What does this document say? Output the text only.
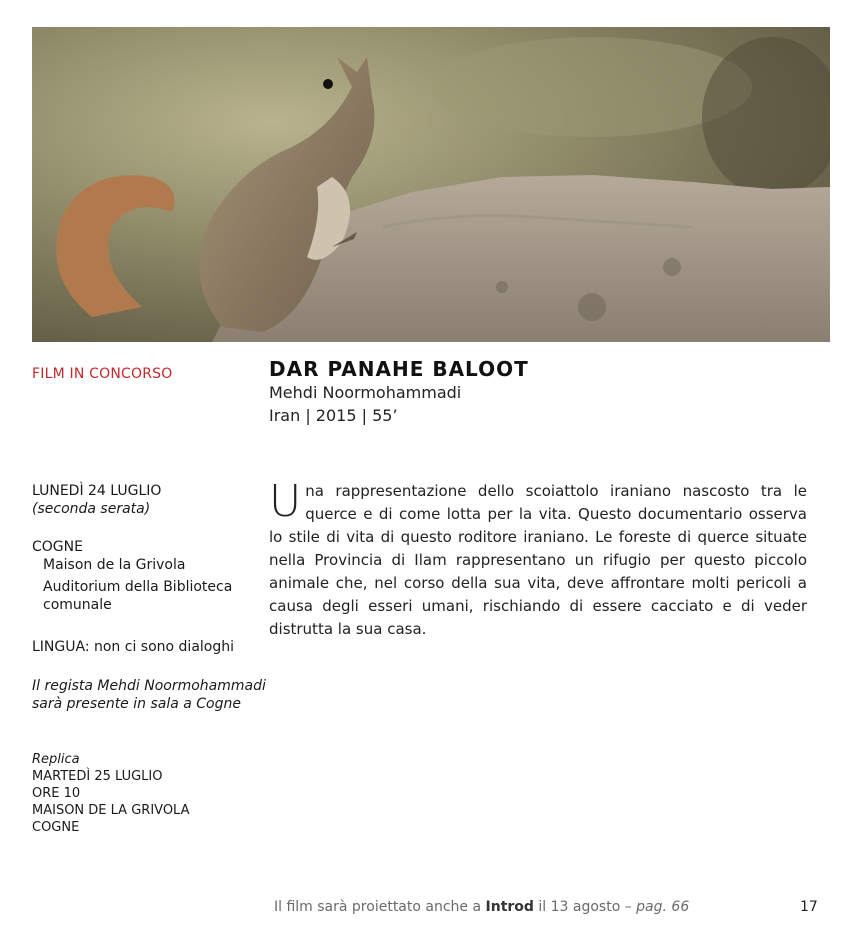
FILM IN CONCORSO	DAR PANAHE BALOOT
Mehdi Noormohammadi
Iran | 2015 | 55’
LUNEDÌ 24 LUGLIO
(seconda serata)
COGNE
Maison de la Grivola
Auditorium della Biblioteca
comunale
LINGUA: non ci sono dialoghi
Il regista Mehdi Noormohammadi
sarà presente in sala a Cogne
Replica
MARTEDÌ 25 LUGLIO
ORE 10
MAISON DE LA GRIVOLA
COGNE
Una rappresentazione dello scoiattolo iraniano nascosto tra le querce e di come lotta per la vita. Questo documentario osserva lo stile di vita di questo roditore iraniano. Le foreste di querce situate nella Provincia di Ilam rappresentano un rifugio per questo piccolo animale che, nel corso della sua vita, deve affrontare molti pericoli a causa degli esseri umani, rischiando di essere cacciato e di veder distrutta la sua casa.
Il film sarà proiettato anche a Introd il 13 agosto – pag. 66	17
